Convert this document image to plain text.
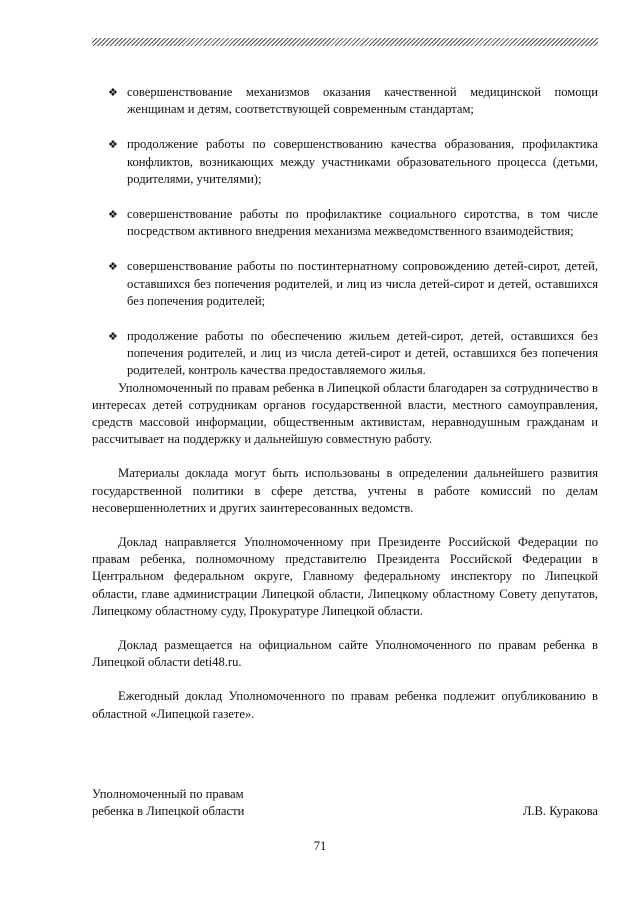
❖ совершенствование механизмов оказания качественной медицинской помощи женщинам и детям, соответствующей современным стандартам;
❖ продолжение работы по совершенствованию качества образования, профилактика конфликтов, возникающих между участниками образовательного процесса (детьми, родителями, учителями);
❖ совершенствование работы по профилактике социального сиротства, в том числе посредством активного внедрения механизма межведомственного взаимодействия;
❖ совершенствование работы по постинтернатному сопровождению детей-сирот, детей, оставшихся без попечения родителей, и лиц из числа детей-сирот и детей, оставшихся без попечения родителей;
❖ продолжение работы по обеспечению жильем детей-сирот, детей, оставшихся без попечения родителей, и лиц из числа детей-сирот и детей, оставшихся без попечения родителей, контроль качества предоставляемого жилья.

Уполномоченный по правам ребенка в Липецкой области благодарен за сотрудничество в интересах детей сотрудникам органов государственной власти, местного самоуправления, средств массовой информации, общественным активистам, неравнодушным гражданам и рассчитывает на поддержку и дальнейшую совместную работу.

Материалы доклада могут быть использованы в определении дальнейшего развития государственной политики в сфере детства, учтены в работе комиссий по делам несовершеннолетних и других заинтересованных ведомств.

Доклад направляется Уполномоченному при Президенте Российской Федерации по правам ребенка, полномочному представителю Президента Российской Федерации в Центральном федеральном округе, Главному федеральному инспектору по Липецкой области, главе администрации Липецкой области, Липецкому областному Совету депутатов, Липецкому областному суду, Прокуратуре Липецкой области.

Доклад размещается на официальном сайте Уполномоченного по правам ребенка в Липецкой области deti48.ru.

Ежегодный доклад Уполномоченного по правам ребенка подлежит опубликованию в областной «Липецкой газете».

Уполномоченный по правам
ребенка в Липецкой области	Л.В. Куракова
71
